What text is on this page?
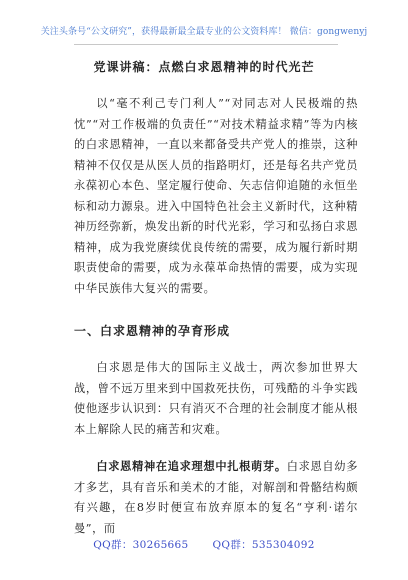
关注头条号“公文研究”，获得最新最全最专业的公文资料库！ 微信：gongwenyj
党课讲稿：点燃白求恩精神的时代光芒

以“毫不利己专门利人”“对同志对人民极端的热忱”“对工作极端的负责任”“对技术精益求精”等为内核的白求恩精神，一直以来都备受共产党人的推崇，这种精神不仅仅是从医人员的指路明灯，还是每名共产党员永葆初心本色、坚定履行使命、矢志信仰追随的永恒坐标和动力源泉。进入中国特色社会主义新时代，这种精神历经弥新，焕发出新的时代光彩，学习和弘扬白求恩精神，成为我党赓续优良传统的需要，成为履行新时期职责使命的需要，成为永葆革命热情的需要，成为实现中华民族伟大复兴的需要。

一、白求恩精神的孕育形成

白求恩是伟大的国际主义战士，两次参加世界大战，曾不远万里来到中国救死扶伤，可残酷的斗争实践使他逐步认识到：只有消灭不合理的社会制度才能从根本上解除人民的痛苦和灾难。

白求恩精神在追求理想中扎根萌芽。白求恩自幼多才多艺，具有音乐和美术的才能，对解剖和骨骼结构颇有兴趣，在8岁时便宣布放弃原本的复名“亨利·诺尔曼”，而

QQ群：30265665 QQ群：535304092
